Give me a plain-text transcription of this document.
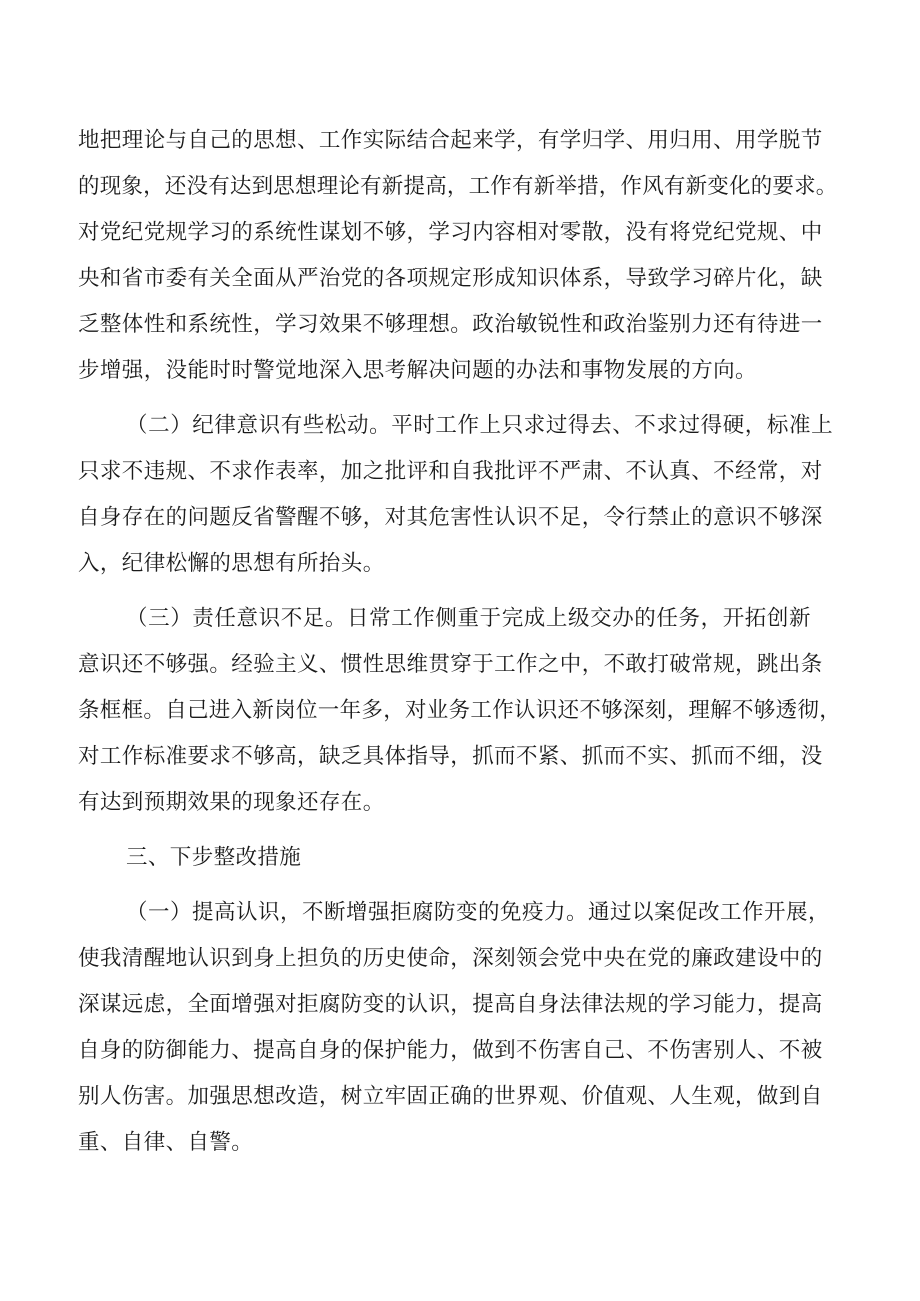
地把理论与自己的思想、工作实际结合起来学，有学归学、用归用、用学脱节
的现象，还没有达到思想理论有新提高，工作有新举措，作风有新变化的要求。
对党纪党规学习的系统性谋划不够，学习内容相对零散，没有将党纪党规、中
央和省市委有关全面从严治党的各项规定形成知识体系，导致学习碎片化，缺
乏整体性和系统性，学习效果不够理想。政治敏锐性和政治鉴别力还有待进一
步增强，没能时时警觉地深入思考解决问题的办法和事物发展的方向。
（二）纪律意识有些松动。平时工作上只求过得去、不求过得硬，标准上
只求不违规、不求作表率，加之批评和自我批评不严肃、不认真、不经常，对
自身存在的问题反省警醒不够，对其危害性认识不足，令行禁止的意识不够深
入，纪律松懈的思想有所抬头。
（三）责任意识不足。日常工作侧重于完成上级交办的任务，开拓创新
意识还不够强。经验主义、惯性思维贯穿于工作之中，不敢打破常规，跳出条
条框框。自己进入新岗位一年多，对业务工作认识还不够深刻，理解不够透彻，
对工作标准要求不够高，缺乏具体指导，抓而不紧、抓而不实、抓而不细，没
有达到预期效果的现象还存在。
三、下步整改措施
（一）提高认识，不断增强拒腐防变的免疫力。通过以案促改工作开展，
使我清醒地认识到身上担负的历史使命，深刻领会党中央在党的廉政建设中的
深谋远虑，全面增强对拒腐防变的认识，提高自身法律法规的学习能力，提高
自身的防御能力、提高自身的保护能力，做到不伤害自己、不伤害别人、不被
别人伤害。加强思想改造，树立牢固正确的世界观、价值观、人生观，做到自
重、自律、自警。
